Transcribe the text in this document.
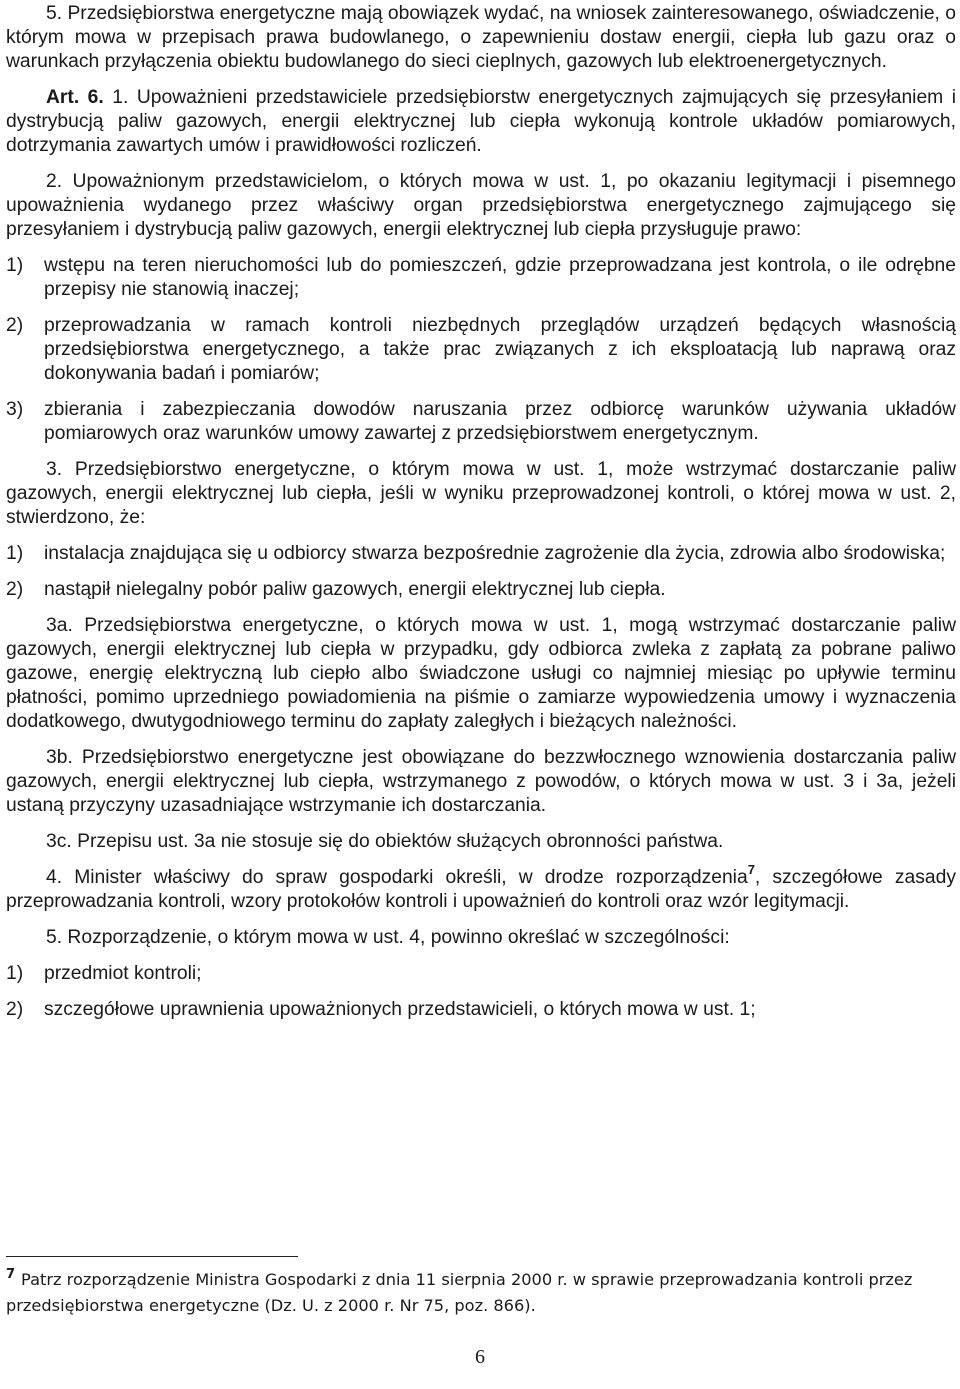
5. Przedsiębiorstwa energetyczne mają obowiązek wydać, na wniosek zainteresowanego, oświadczenie, o którym mowa w przepisach prawa budowlanego, o zapewnieniu dostaw energii, ciepła lub gazu oraz o warunkach przyłączenia obiektu budowlanego do sieci cieplnych, gazowych lub elektroenergetycznych.

Art. 6. 1. Upoważnieni przedstawiciele przedsiębiorstw energetycznych zajmujących się przesyłaniem i dystrybucją paliw gazowych, energii elektrycznej lub ciepła wykonują kontrole układów pomiarowych, dotrzymania zawartych umów i prawidłowości rozliczeń.

2. Upoważnionym przedstawicielom, o których mowa w ust. 1, po okazaniu legitymacji i pisemnego upoważnienia wydanego przez właściwy organ przedsiębiorstwa energetycznego zajmującego się przesyłaniem i dystrybucją paliw gazowych, energii elektrycznej lub ciepła przysługuje prawo:

1)	wstępu na teren nieruchomości lub do pomieszczeń, gdzie przeprowadzana jest kontrola, o ile odrębne przepisy nie stanowią inaczej;
2)	przeprowadzania w ramach kontroli niezbędnych przeglądów urządzeń będących własnością przedsiębiorstwa energetycznego, a także prac związanych z ich eksploatacją lub naprawą oraz dokonywania badań i pomiarów;
3)	zbierania i zabezpieczania dowodów naruszania przez odbiorcę warunków używania układów pomiarowych oraz warunków umowy zawartej z przedsiębiorstwem energetycznym.

3. Przedsiębiorstwo energetyczne, o którym mowa w ust. 1, może wstrzymać dostarczanie paliw gazowych, energii elektrycznej lub ciepła, jeśli w wyniku przeprowadzonej kontroli, o której mowa w ust. 2, stwierdzono, że:

1)	instalacja znajdująca się u odbiorcy stwarza bezpośrednie zagrożenie dla życia, zdrowia albo środowiska;
2)	nastąpił nielegalny pobór paliw gazowych, energii elektrycznej lub ciepła.

3a. Przedsiębiorstwa energetyczne, o których mowa w ust. 1, mogą wstrzymać dostarczanie paliw gazowych, energii elektrycznej lub ciepła w przypadku, gdy odbiorca zwleka z zapłatą za pobrane paliwo gazowe, energię elektryczną lub ciepło albo świadczone usługi co najmniej miesiąc po upływie terminu płatności, pomimo uprzedniego powiadomienia na piśmie o zamiarze wypowiedzenia umowy i wyznaczenia dodatkowego, dwutygodniowego terminu do zapłaty zaległych i bieżących należności.

3b. Przedsiębiorstwo energetyczne jest obowiązane do bezzwłocznego wznowienia dostarczania paliw gazowych, energii elektrycznej lub ciepła, wstrzymanego z powodów, o których mowa w ust. 3 i 3a, jeżeli ustaną przyczyny uzasadniające wstrzymanie ich dostarczania.

3c. Przepisu ust. 3a nie stosuje się do obiektów służących obronności państwa.

4. Minister właściwy do spraw gospodarki określi, w drodze rozporządzenia$^7$, szczegółowe zasady przeprowadzania kontroli, wzory protokołów kontroli i upoważnień do kontroli oraz wzór legitymacji.

5. Rozporządzenie, o którym mowa w ust. 4, powinno określać w szczególności:

1)	przedmiot kontroli;
2)	szczegółowe uprawnienia upoważnionych przedstawicieli, o których mowa w ust. 1;
$^7$ Patrz rozporządzenie Ministra Gospodarki z dnia 11 sierpnia 2000 r. w sprawie przeprowadzania kontroli przez przedsiębiorstwa energetyczne (Dz. U. z 2000 r. Nr 75, poz. 866).
6
